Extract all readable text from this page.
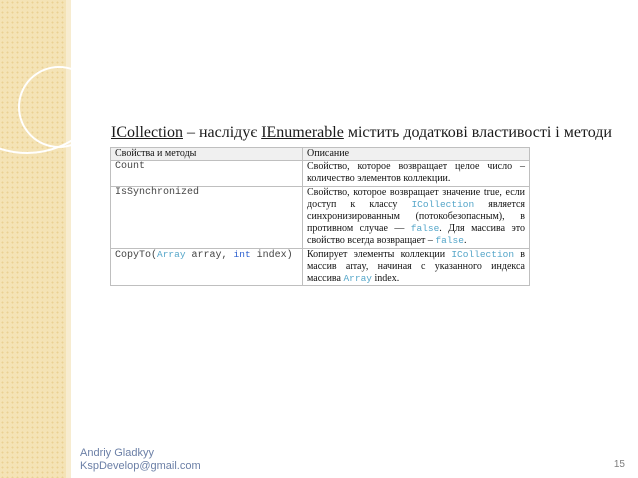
ICollection – наслідує IEnumerable містить додаткові властивості і методи
Свойства и методы	Описание
Count	Свойство, которое возвращает целое число – количество элементов коллекции.
IsSynchronized	Свойство, которое возвращает значение true, если доступ к классу ICollection является синхронизированным (потокобезопасным), в противном случае — false. Для массива это свойство всегда возвращает – false.
CopyTo(Array array, int index)	Копирует элементы коллекции ICollection в массив array, начиная с указанного индекса массива Array index.
Andriy Gladkyy
KspDevelop@gmail.com	15
